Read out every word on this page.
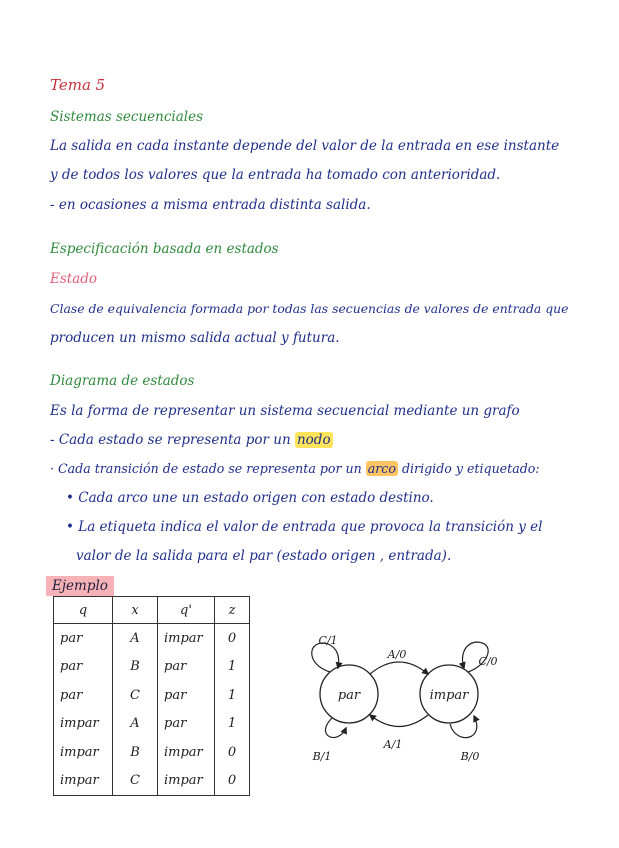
Tema 5
Sistemas secuenciales
La salida en cada instante depende del valor de la entrada en ese instante
y de todos los valores que la entrada ha tomado con anterioridad.
- en ocasiones a misma entrada distinta salida.
Especificación basada en estados
Estado
Clase de equivalencia formada por todas las secuencias de valores de entrada que
producen un mismo salida actual y futura.
Diagrama de estados
Es la forma de representar un sistema secuencial mediante un grafo
- Cada estado se representa por un nodo
· Cada transición de estado se representa por un arco dirigido y etiquetado:
• Cada arco une un estado origen con estado destino.
• La etiqueta indica el valor de entrada que provoca la transición y el
valor de la salida para el par (estado origen , entrada).
Ejemplo
q	x	q'	z
par	A	impar	0
par	B	par	1
par	C	par	1
impar	A	par	1
impar	B	impar	0
impar	C	impar	0
par	impar
A/0
A/1
C/1
B/1
C/0
B/0
